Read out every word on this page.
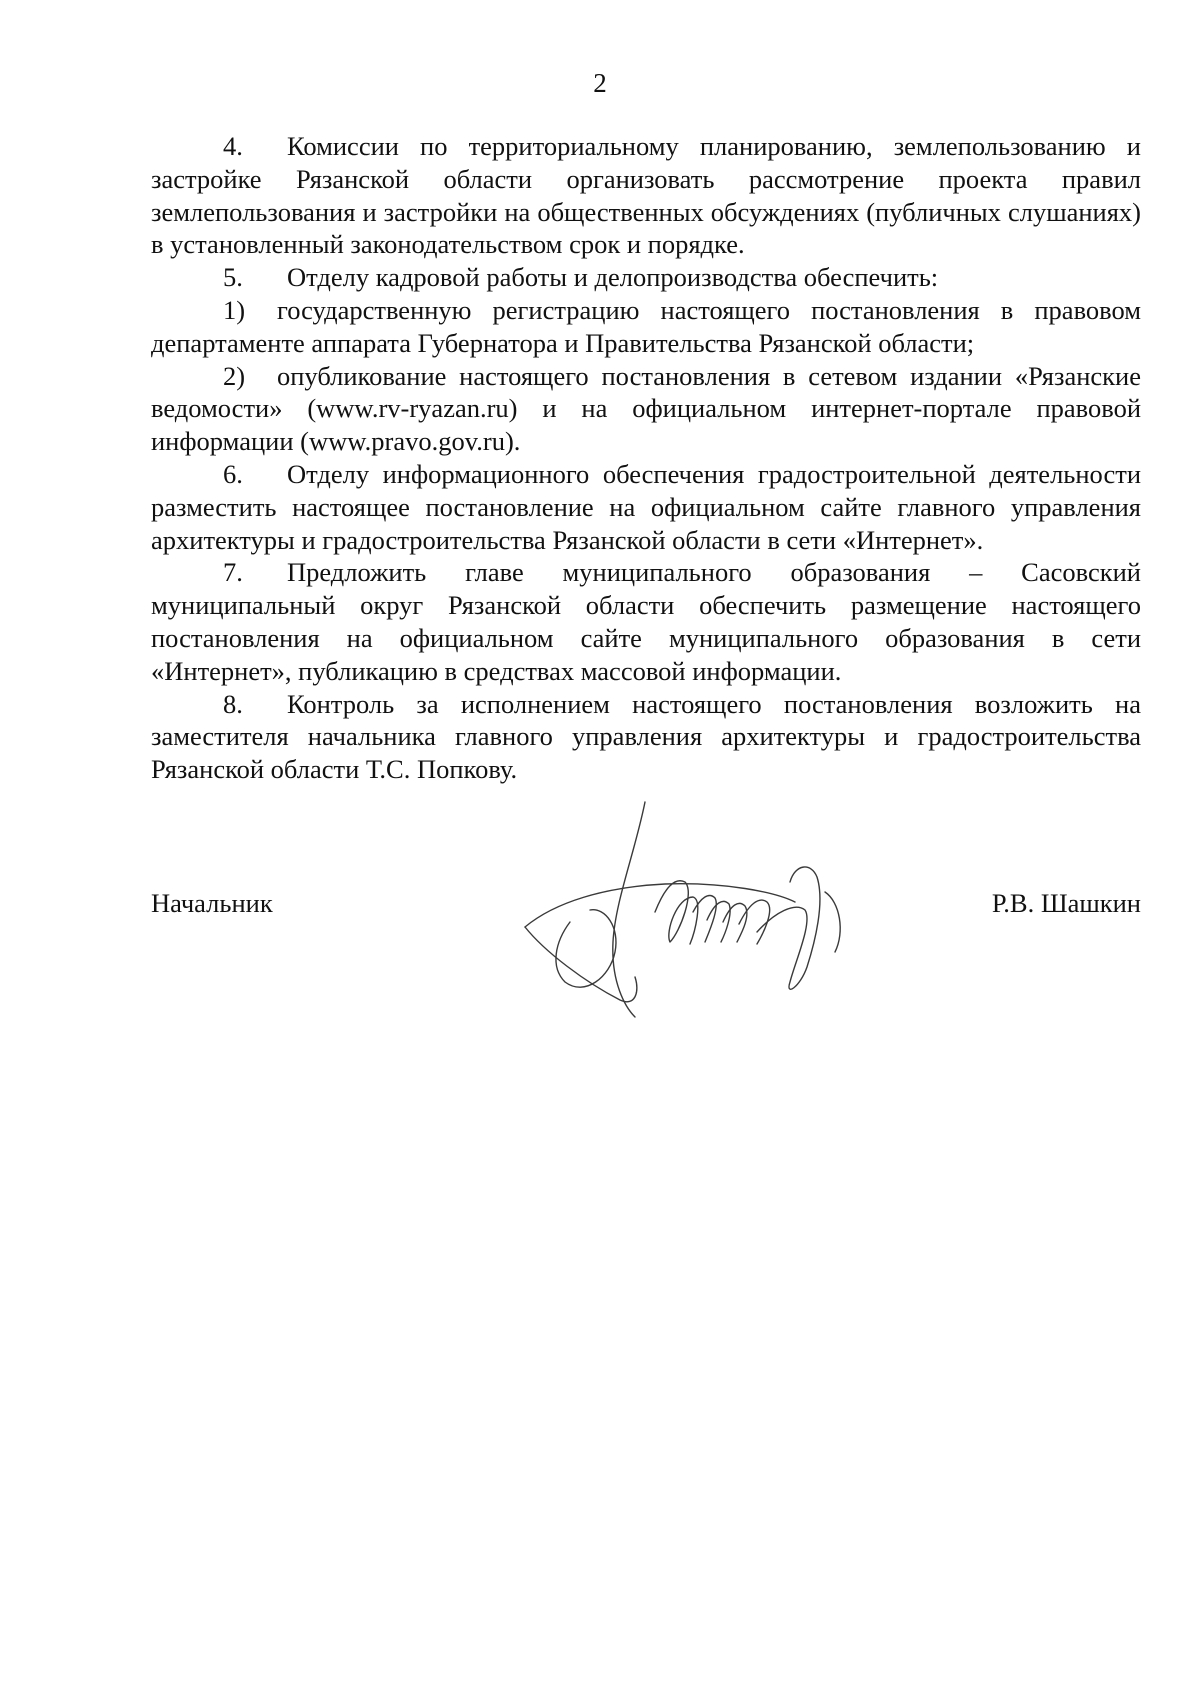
2

4. Комиссии по территориальному планированию, землепользованию и застройке Рязанской области организовать рассмотрение проекта правил землепользования и застройки на общественных обсуждениях (публичных слушаниях) в установленный законодательством срок и порядке.

5. Отделу кадровой работы и делопроизводства обеспечить:

1) государственную регистрацию настоящего постановления в правовом департаменте аппарата Губернатора и Правительства Рязанской области;

2) опубликование настоящего постановления в сетевом издании «Рязанские ведомости» (www.rv-ryazan.ru) и на официальном интернет-портале правовой информации (www.pravo.gov.ru).

6. Отделу информационного обеспечения градостроительной деятельности разместить настоящее постановление на официальном сайте главного управления архитектуры и градостроительства Рязанской области в сети «Интернет».

7. Предложить главе муниципального образования – Сасовский муниципальный округ Рязанской области обеспечить размещение настоящего постановления на официальном сайте муниципального образования в сети «Интернет», публикацию в средствах массовой информации.

8. Контроль за исполнением настоящего постановления возложить на заместителя начальника главного управления архитектуры и градостроительства Рязанской области Т.С. Попкову.

Начальник	Р.В. Шашкин
